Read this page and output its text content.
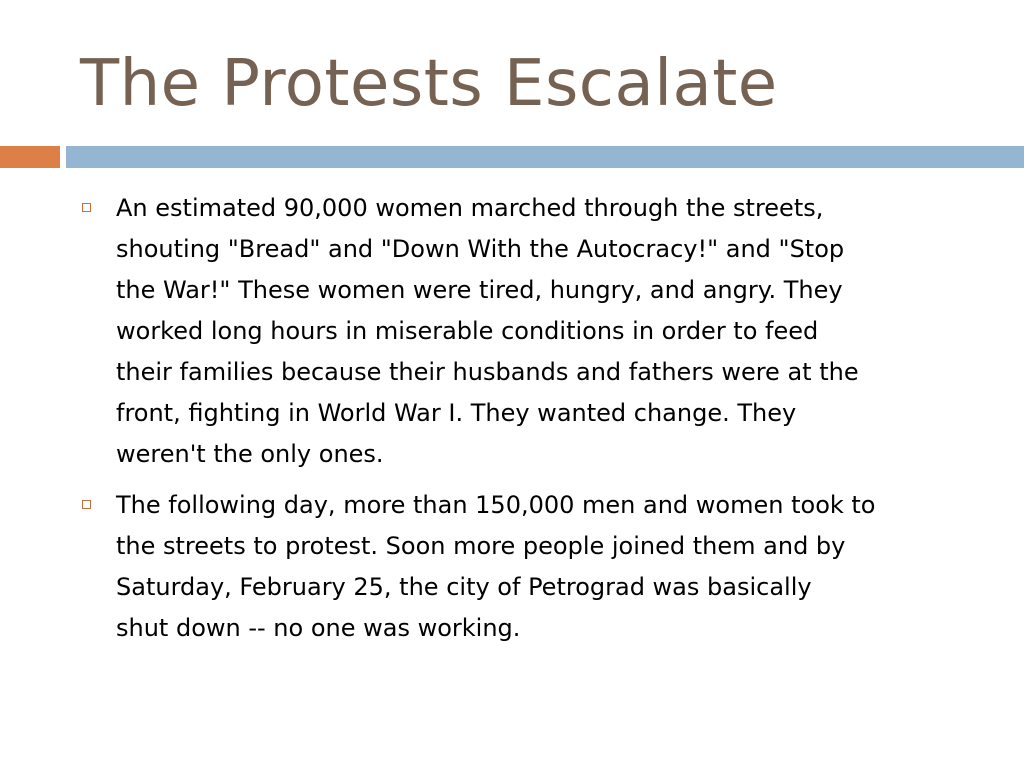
The Protests Escalate
An estimated 90,000 women marched through the streets,
shouting "Bread" and "Down With the Autocracy!" and "Stop
the War!" These women were tired, hungry, and angry. They
worked long hours in miserable conditions in order to feed
their families because their husbands and fathers were at the
front, fighting in World War I. They wanted change. They
weren't the only ones.
The following day, more than 150,000 men and women took to
the streets to protest. Soon more people joined them and by
Saturday, February 25, the city of Petrograd was basically
shut down -- no one was working.
